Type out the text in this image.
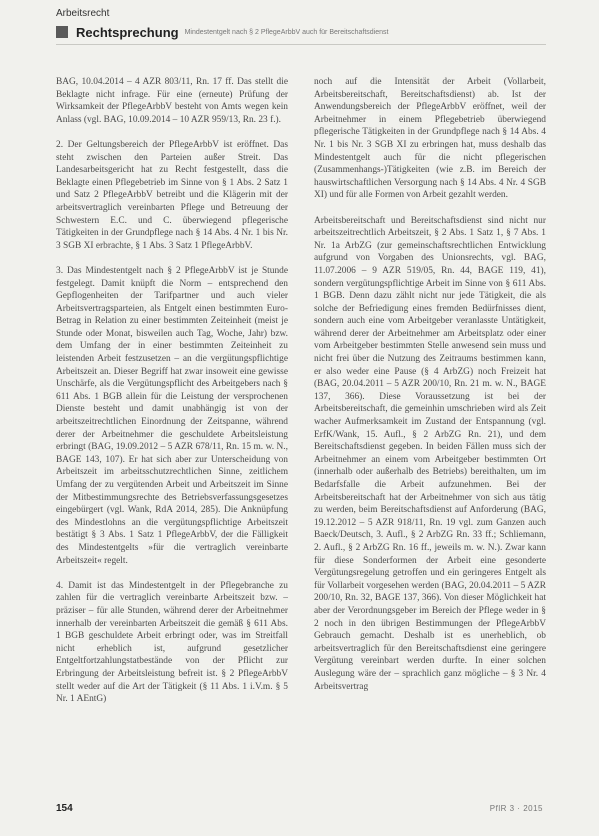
Arbeitsrecht
Rechtsprechung Mindestentgelt nach § 2 PflegeArbbV auch für Bereitschaftsdienst

BAG, 10.04.2014 – 4 AZR 803/11, Rn. 17 ff. Das stellt die Beklagte nicht infrage. Für eine (erneute) Prüfung der Wirksamkeit der PflegeArbbV besteht von Amts wegen kein Anlass (vgl. BAG, 10.09.2014 – 10 AZR 959/13, Rn. 23 f.).

2. Der Geltungsbereich der PflegeArbbV ist eröffnet. Das steht zwischen den Parteien außer Streit. Das Landesarbeitsgericht hat zu Recht festgestellt, dass die Beklagte einen Pflegebetrieb im Sinne von § 1 Abs. 2 Satz 1 und Satz 2 PflegeArbbV betreibt und die Klägerin mit der arbeitsvertraglich vereinbarten Pflege und Betreuung der Schwestern E.C. und C. überwiegend pflegerische Tätigkeiten in der Grundpflege nach § 14 Abs. 4 Nr. 1 bis Nr. 3 SGB XI erbrachte, § 1 Abs. 3 Satz 1 PflegeArbbV.

3. Das Mindestentgelt nach § 2 PflegeArbbV ist je Stunde festgelegt. Damit knüpft die Norm – entsprechend den Gepflogenheiten der Tarifpartner und auch vieler Arbeitsvertragsparteien, als Entgelt einen bestimmten Euro-Betrag in Relation zu einer bestimmten Zeiteinheit (meist je Stunde oder Monat, bisweilen auch Tag, Woche, Jahr) bzw. dem Umfang der in einer bestimmten Zeiteinheit zu leistenden Arbeit festzusetzen – an die vergütungspflichtige Arbeitszeit an. Dieser Begriff hat zwar insoweit eine gewisse Unschärfe, als die Vergütungspflicht des Arbeitgebers nach § 611 Abs. 1 BGB allein für die Leistung der versprochenen Dienste besteht und damit unabhängig ist von der arbeitszeitrechtlichen Einordnung der Zeitspanne, während derer der Arbeitnehmer die geschuldete Arbeitsleistung erbringt (BAG, 19.09.2012 – 5 AZR 678/11, Rn. 15 m. w. N., BAGE 143, 107). Er hat sich aber zur Unterscheidung von Arbeitszeit im arbeitsschutzrechtlichen Sinne, zeitlichem Umfang der zu vergütenden Arbeit und Arbeitszeit im Sinne der Mitbestimmungsrechte des Betriebsverfassungsgesetzes eingebürgert (vgl. Wank, RdA 2014, 285). Die Anknüpfung des Mindestlohns an die vergütungspflichtige Arbeitszeit bestätigt § 3 Abs. 1 Satz 1 PflegeArbbV, der die Fälligkeit des Mindestentgelts »für die vertraglich vereinbarte Arbeitszeit« regelt.

4. Damit ist das Mindestentgelt in der Pflegebranche zu zahlen für die vertraglich vereinbarte Arbeitszeit bzw. – präziser – für alle Stunden, während derer der Arbeitnehmer innerhalb der vereinbarten Arbeitszeit die gemäß § 611 Abs. 1 BGB geschuldete Arbeit erbringt oder, was im Streitfall nicht erheblich ist, aufgrund gesetzlicher Entgeltfortzahlungstatbestände von der Pflicht zur Erbringung der Arbeitsleistung befreit ist. § 2 PflegeArbbV stellt weder auf die Art der Tätigkeit (§ 11 Abs. 1 i.V.m. § 5 Nr. 1 AEntG)

noch auf die Intensität der Arbeit (Vollarbeit, Arbeitsbereitschaft, Bereitschaftsdienst) ab. Ist der Anwendungsbereich der PflegeArbbV eröffnet, weil der Arbeitnehmer in einem Pflegebetrieb überwiegend pflegerische Tätigkeiten in der Grundpflege nach § 14 Abs. 4 Nr. 1 bis Nr. 3 SGB XI zu erbringen hat, muss deshalb das Mindestentgelt auch für die nicht pflegerischen (Zusammenhangs-)Tätigkeiten (wie z.B. im Bereich der hauswirtschaftlichen Versorgung nach § 14 Abs. 4 Nr. 4 SGB XI) und für alle Formen von Arbeit gezahlt werden.

Arbeitsbereitschaft und Bereitschaftsdienst sind nicht nur arbeitszeitrechtlich Arbeitszeit, § 2 Abs. 1 Satz 1, § 7 Abs. 1 Nr. 1a ArbZG (zur gemeinschaftsrechtlichen Entwicklung aufgrund von Vorgaben des Unionsrechts, vgl. BAG, 11.07.2006 – 9 AZR 519/05, Rn. 44, BAGE 119, 41), sondern vergütungspflichtige Arbeit im Sinne von § 611 Abs. 1 BGB. Denn dazu zählt nicht nur jede Tätigkeit, die als solche der Befriedigung eines fremden Bedürfnisses dient, sondern auch eine vom Arbeitgeber veranlasste Untätigkeit, während derer der Arbeitnehmer am Arbeitsplatz oder einer vom Arbeitgeber bestimmten Stelle anwesend sein muss und nicht frei über die Nutzung des Zeitraums bestimmen kann, er also weder eine Pause (§ 4 ArbZG) noch Freizeit hat (BAG, 20.04.2011 – 5 AZR 200/10, Rn. 21 m. w. N., BAGE 137, 366). Diese Voraussetzung ist bei der Arbeitsbereitschaft, die gemeinhin umschrieben wird als Zeit wacher Aufmerksamkeit im Zustand der Entspannung (vgl. ErfK/Wank, 15. Aufl., § 2 ArbZG Rn. 21), und dem Bereitschaftsdienst gegeben. In beiden Fällen muss sich der Arbeitnehmer an einem vom Arbeitgeber bestimmten Ort (innerhalb oder außerhalb des Betriebs) bereithalten, um im Bedarfsfalle die Arbeit aufzunehmen. Bei der Arbeitsbereitschaft hat der Arbeitnehmer von sich aus tätig zu werden, beim Bereitschaftsdienst auf Anforderung (BAG, 19.12.2012 – 5 AZR 918/11, Rn. 19 vgl. zum Ganzen auch Baeck/Deutsch, 3. Aufl., § 2 ArbZG Rn. 33 ff.; Schliemann, 2. Aufl., § 2 ArbZG Rn. 16 ff., jeweils m. w. N.). Zwar kann für diese Sonderformen der Arbeit eine gesonderte Vergütungsregelung getroffen und ein geringeres Entgelt als für Vollarbeit vorgesehen werden (BAG, 20.04.2011 – 5 AZR 200/10, Rn. 32, BAGE 137, 366). Von dieser Möglichkeit hat aber der Verordnungsgeber im Bereich der Pflege weder in § 2 noch in den übrigen Bestimmungen der PflegeArbbV Gebrauch gemacht. Deshalb ist es unerheblich, ob arbeitsvertraglich für den Bereitschaftsdienst eine geringere Vergütung vereinbart werden durfte. In einer solchen Auslegung wäre der – sprachlich ganz mögliche – § 3 Nr. 4 Arbeitsvertrag

154	PflR 3 · 2015
